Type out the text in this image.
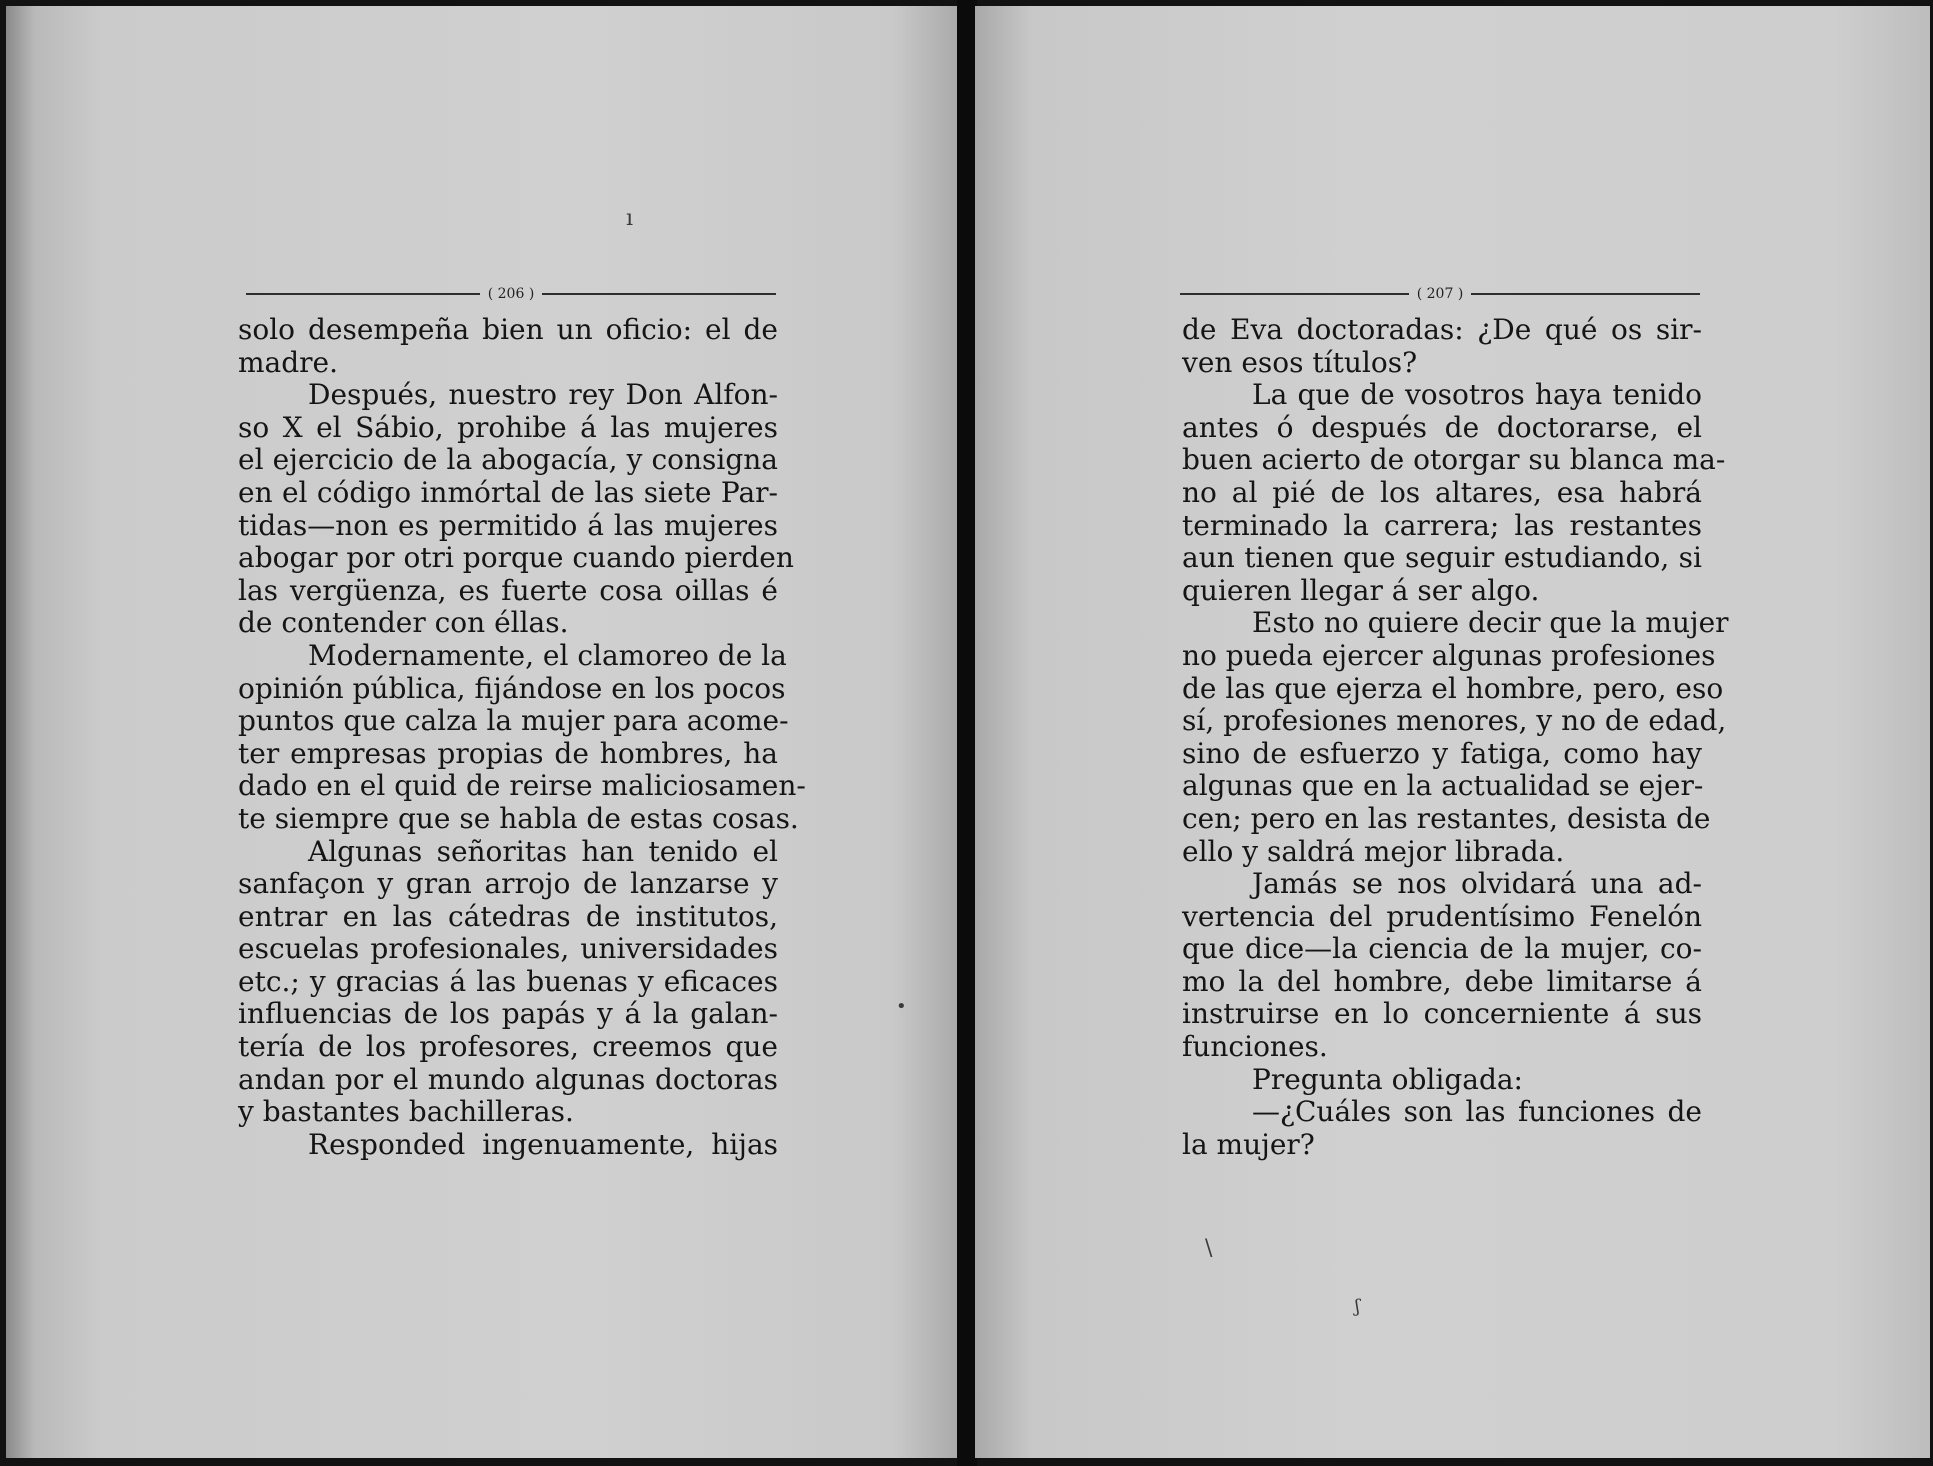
( 206 )
solo desempeña bien un oficio: el de
madre.
Después, nuestro rey Don Alfon-
so X el Sábio, prohibe á las mujeres
el ejercicio de la abogacía, y consigna
en el código inmórtal de las siete Par-
tidas—non es permitido á las mujeres
abogar por otri porque cuando pierden
las vergüenza, es fuerte cosa oillas é
de contender con éllas.
Modernamente, el clamoreo de la
opinión pública, fijándose en los pocos
puntos que calza la mujer para acome-
ter empresas propias de hombres, ha
dado en el quid de reirse maliciosamen-
te siempre que se habla de estas cosas.
Algunas señoritas han tenido el
sanfaçon y gran arrojo de lanzarse y
entrar en las cátedras de institutos,
escuelas profesionales, universidades
etc.; y gracias á las buenas y eficaces
influencias de los papás y á la galan-
tería de los profesores, creemos que
andan por el mundo algunas doctoras
y bastantes bachilleras.
Responded ingenuamente, hijas
ı
•
( 207 )
de Eva doctoradas: ¿De qué os sir-
ven esos títulos?
La que de vosotros haya tenido
antes ó después de doctorarse, el
buen acierto de otorgar su blanca ma-
no al pié de los altares, esa habrá
terminado la carrera; las restantes
aun tienen que seguir estudiando, si
quieren llegar á ser algo.
Esto no quiere decir que la mujer
no pueda ejercer algunas profesiones
de las que ejerza el hombre, pero, eso
sí, profesiones menores, y no de edad,
sino de esfuerzo y fatiga, como hay
algunas que en la actualidad se ejer-
cen; pero en las restantes, desista de
ello y saldrá mejor librada.
Jamás se nos olvidará una ad-
vertencia del prudentísimo Fenelón
que dice—la ciencia de la mujer, co-
mo la del hombre, debe limitarse á
instruirse en lo concerniente á sus
funciones.
Pregunta obligada:
—¿Cuáles son las funciones de
la mujer?
\
ʃ
